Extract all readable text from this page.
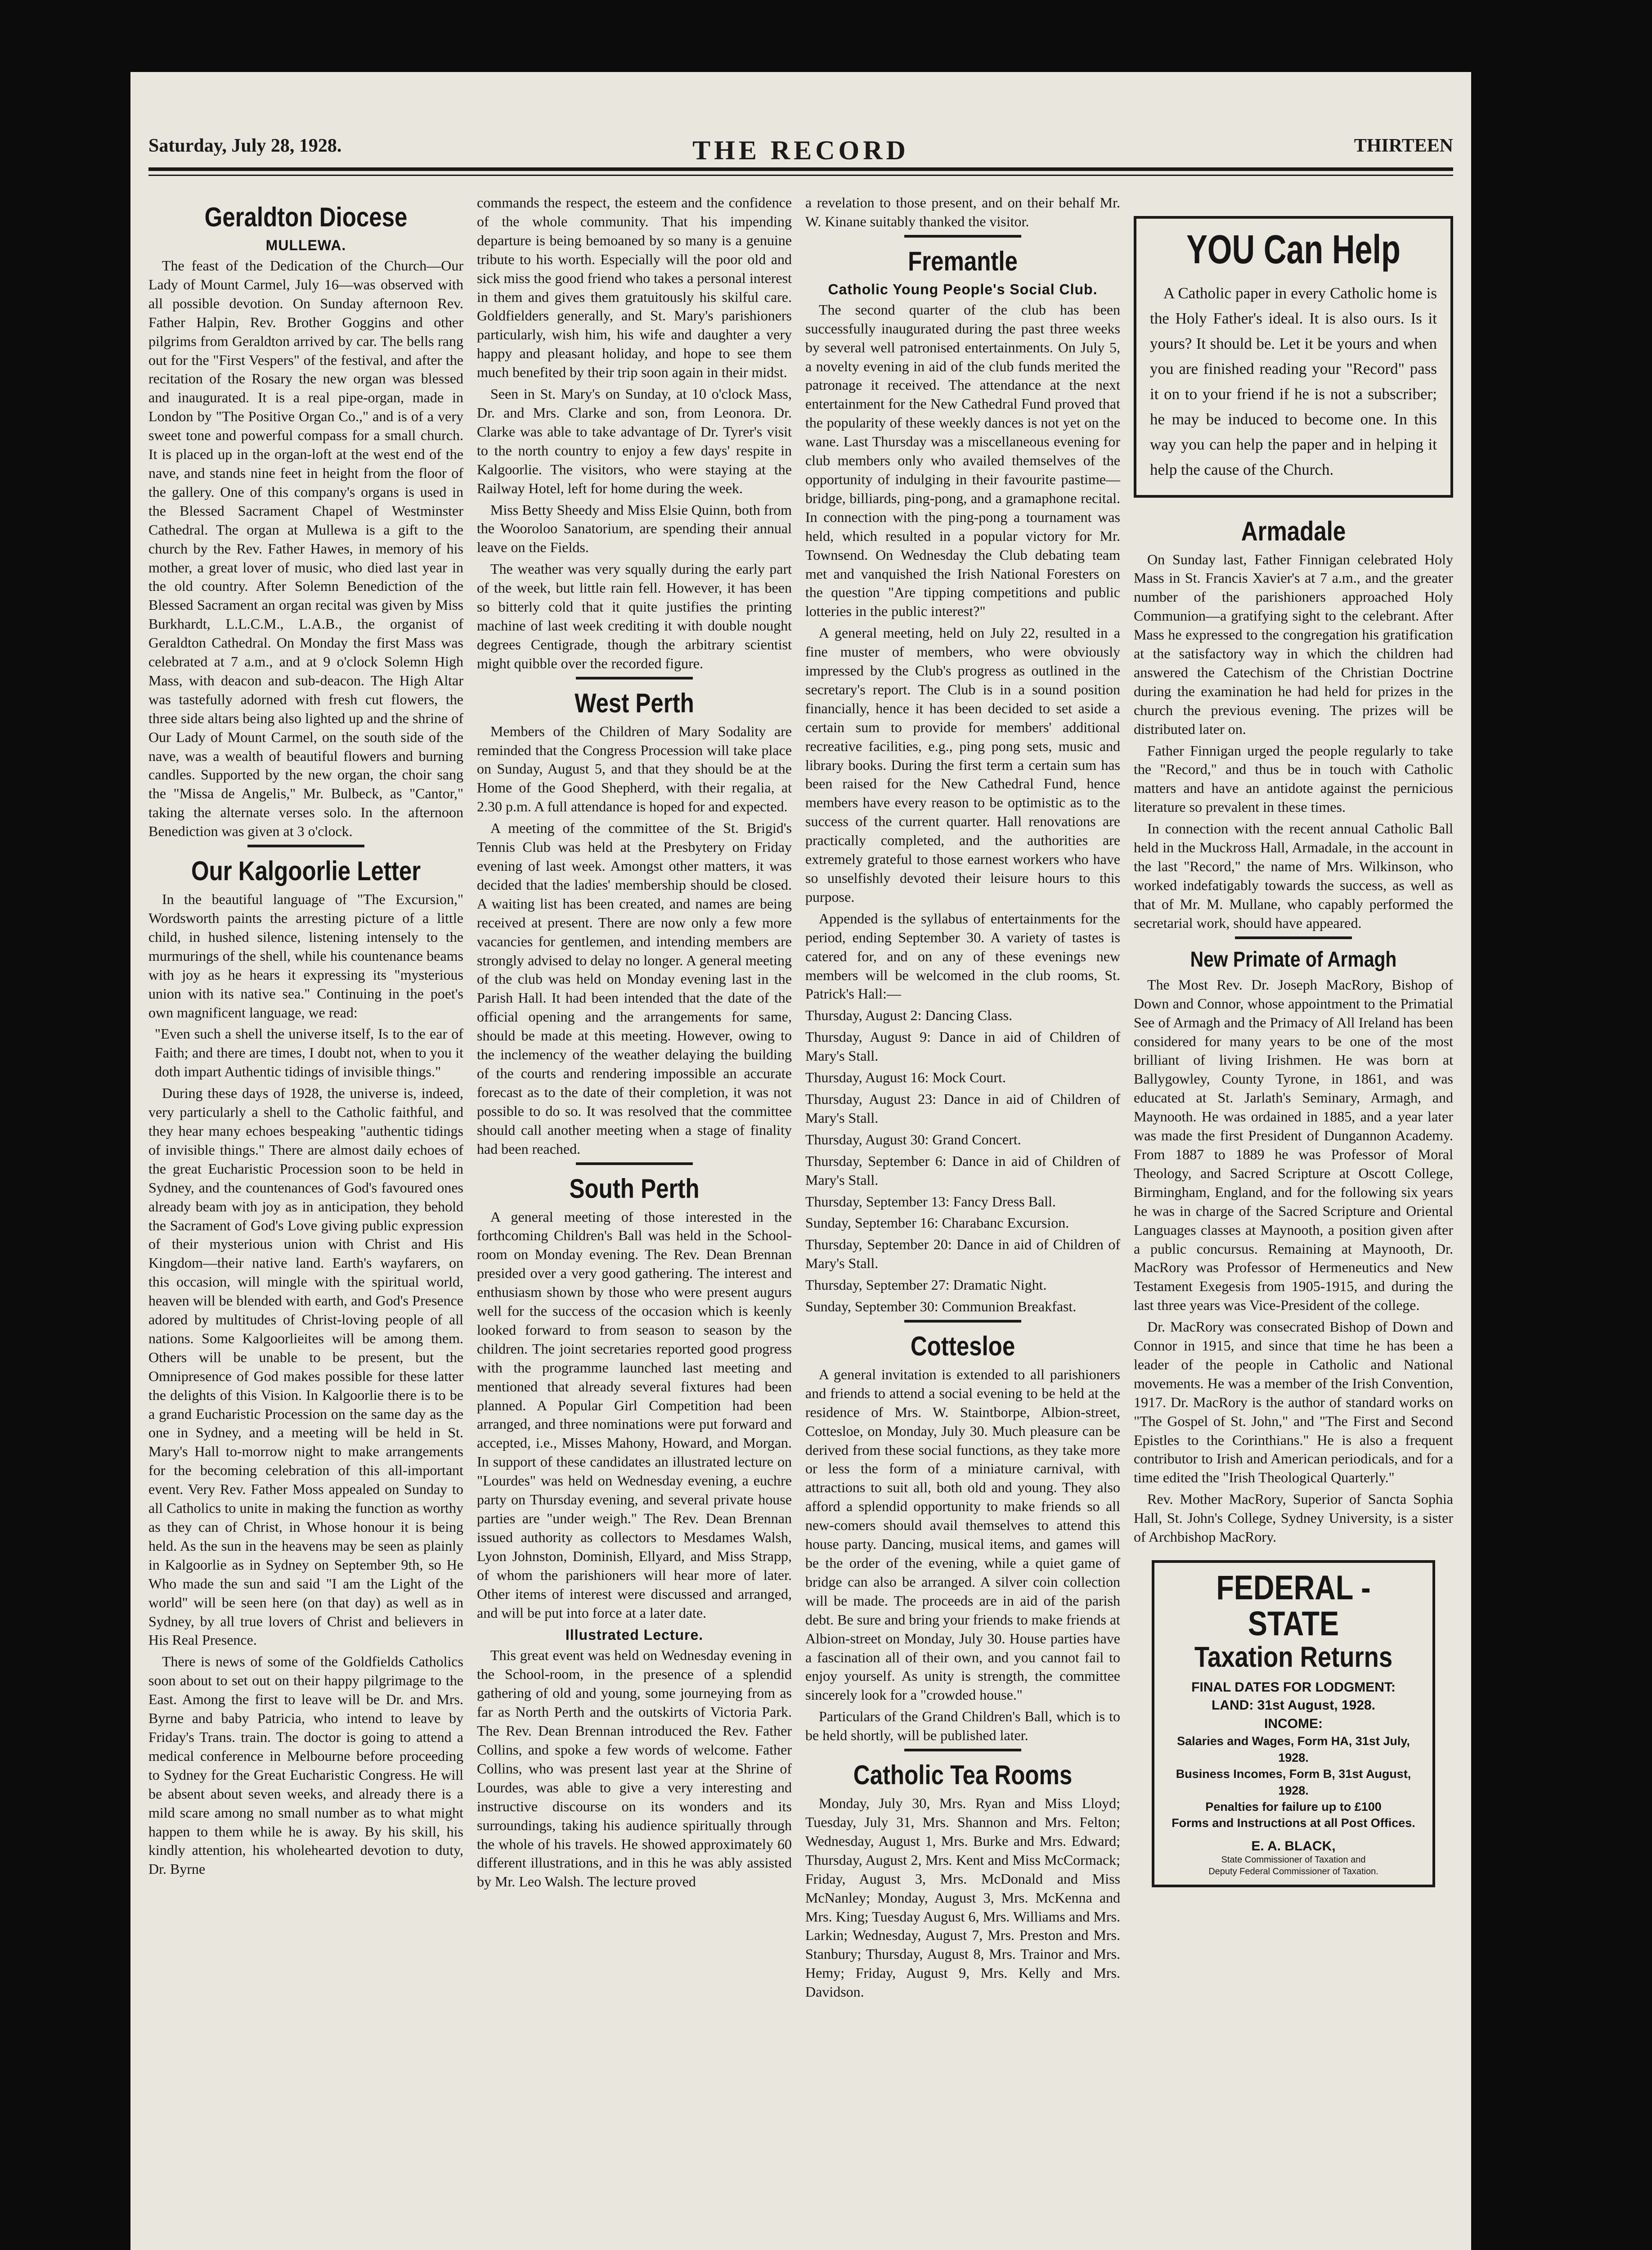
Saturday, July 28, 1928.	THE RECORD	THIRTEEN
Geraldton Diocese
MULLEWA.

The feast of the Dedication of the Church—Our Lady of Mount Carmel, July 16—was observed with all possible devotion. On Sunday afternoon Rev. Father Halpin, Rev. Brother Goggins and other pilgrims from Geraldton arrived by car. The bells rang out for the "First Vespers" of the festival, and after the recitation of the Rosary the new organ was blessed and inaugurated. It is a real pipe-organ, made in London by "The Positive Organ Co.," and is of a very sweet tone and powerful compass for a small church. It is placed up in the organ-loft at the west end of the nave, and stands nine feet in height from the floor of the gallery. One of this company's organs is used in the Blessed Sacrament Chapel of Westminster Cathedral. The organ at Mullewa is a gift to the church by the Rev. Father Hawes, in memory of his mother, a great lover of music, who died last year in the old country. After Solemn Benediction of the Blessed Sacrament an organ recital was given by Miss Burkhardt, L.L.C.M., L.A.B., the organist of Geraldton Cathedral. On Monday the first Mass was celebrated at 7 a.m., and at 9 o'clock Solemn High Mass, with deacon and sub-deacon. The High Altar was tastefully adorned with fresh cut flowers, the three side altars being also lighted up and the shrine of Our Lady of Mount Carmel, on the south side of the nave, was a wealth of beautiful flowers and burning candles. Supported by the new organ, the choir sang the "Missa de Angelis," Mr. Bulbeck, as "Cantor," taking the alternate verses solo. In the afternoon Benediction was given at 3 o'clock.

Our Kalgoorlie Letter

In the beautiful language of "The Excursion," Wordsworth paints the arresting picture of a little child, in hushed silence, listening intensely to the murmurings of the shell, while his countenance beams with joy as he hears it expressing its "mysterious union with its native sea." Continuing in the poet's own magnificent language, we read:

"Even such a shell the universe itself, Is to the ear of Faith; and there are times, I doubt not, when to you it doth impart Authentic tidings of invisible things."

During these days of 1928, the universe is, indeed, very particularly a shell to the Catholic faithful, and they hear many echoes bespeaking "authentic tidings of invisible things." There are almost daily echoes of the great Eucharistic Procession soon to be held in Sydney, and the countenances of God's favoured ones already beam with joy as in anticipation, they behold the Sacrament of God's Love giving public expression of their mysterious union with Christ and His Kingdom—their native land. Earth's wayfarers, on this occasion, will mingle with the spiritual world, heaven will be blended with earth, and God's Presence adored by multitudes of Christ-loving people of all nations. Some Kalgoorlieites will be among them. Others will be unable to be present, but the Omnipresence of God makes possible for these latter the delights of this Vision. In Kalgoorlie there is to be a grand Eucharistic Procession on the same day as the one in Sydney, and a meeting will be held in St. Mary's Hall to-morrow night to make arrangements for the becoming celebration of this all-important event. Very Rev. Father Moss appealed on Sunday to all Catholics to unite in making the function as worthy as they can of Christ, in Whose honour it is being held. As the sun in the heavens may be seen as plainly in Kalgoorlie as in Sydney on September 9th, so He Who made the sun and said "I am the Light of the world" will be seen here (on that day) as well as in Sydney, by all true lovers of Christ and believers in His Real Presence.

There is news of some of the Goldfields Catholics soon about to set out on their happy pilgrimage to the East. Among the first to leave will be Dr. and Mrs. Byrne and baby Patricia, who intend to leave by Friday's Trans. train. The doctor is going to attend a medical conference in Melbourne before proceeding to Sydney for the Great Eucharistic Congress. He will be absent about seven weeks, and already there is a mild scare among no small number as to what might happen to them while he is away. By his skill, his kindly attention, his wholehearted devotion to duty, Dr. Byrne

commands the respect, the esteem and the confidence of the whole community. That his impending departure is being bemoaned by so many is a genuine tribute to his worth. Especially will the poor old and sick miss the good friend who takes a personal interest in them and gives them gratuitously his skilful care. Goldfielders generally, and St. Mary's parishioners particularly, wish him, his wife and daughter a very happy and pleasant holiday, and hope to see them much benefited by their trip soon again in their midst.

Seen in St. Mary's on Sunday, at 10 o'clock Mass, Dr. and Mrs. Clarke and son, from Leonora. Dr. Clarke was able to take advantage of Dr. Tyrer's visit to the north country to enjoy a few days' respite in Kalgoorlie. The visitors, who were staying at the Railway Hotel, left for home during the week.

Miss Betty Sheedy and Miss Elsie Quinn, both from the Wooroloo Sanatorium, are spending their annual leave on the Fields.

The weather was very squally during the early part of the week, but little rain fell. However, it has been so bitterly cold that it quite justifies the printing machine of last week crediting it with double nought degrees Centigrade, though the arbitrary scientist might quibble over the recorded figure.

West Perth

Members of the Children of Mary Sodality are reminded that the Congress Procession will take place on Sunday, August 5, and that they should be at the Home of the Good Shepherd, with their regalia, at 2.30 p.m. A full attendance is hoped for and expected.

A meeting of the committee of the St. Brigid's Tennis Club was held at the Presbytery on Friday evening of last week. Amongst other matters, it was decided that the ladies' membership should be closed. A waiting list has been created, and names are being received at present. There are now only a few more vacancies for gentlemen, and intending members are strongly advised to delay no longer. A general meeting of the club was held on Monday evening last in the Parish Hall. It had been intended that the date of the official opening and the arrangements for same, should be made at this meeting. However, owing to the inclemency of the weather delaying the building of the courts and rendering impossible an accurate forecast as to the date of their completion, it was not possible to do so. It was resolved that the committee should call another meeting when a stage of finality had been reached.

South Perth

A general meeting of those interested in the forthcoming Children's Ball was held in the School-room on Monday evening. The Rev. Dean Brennan presided over a very good gathering. The interest and enthusiasm shown by those who were present augurs well for the success of the occasion which is keenly looked forward to from season to season by the children. The joint secretaries reported good progress with the programme launched last meeting and mentioned that already several fixtures had been planned. A Popular Girl Competition had been arranged, and three nominations were put forward and accepted, i.e., Misses Mahony, Howard, and Morgan. In support of these candidates an illustrated lecture on "Lourdes" was held on Wednesday evening, a euchre party on Thursday evening, and several private house parties are "under weigh." The Rev. Dean Brennan issued authority as collectors to Mesdames Walsh, Lyon Johnston, Dominish, Ellyard, and Miss Strapp, of whom the parishioners will hear more of later. Other items of interest were discussed and arranged, and will be put into force at a later date.

Illustrated Lecture.

This great event was held on Wednesday evening in the School-room, in the presence of a splendid gathering of old and young, some journeying from as far as North Perth and the outskirts of Victoria Park. The Rev. Dean Brennan introduced the Rev. Father Collins, and spoke a few words of welcome. Father Collins, who was present last year at the Shrine of Lourdes, was able to give a very interesting and instructive discourse on its wonders and its surroundings, taking his audience spiritually through the whole of his travels. He showed approximately 60 different illustrations, and in this he was ably assisted by Mr. Leo Walsh. The lecture proved

a revelation to those present, and on their behalf Mr. W. Kinane suitably thanked the visitor.

Fremantle
Catholic Young People's Social Club.

The second quarter of the club has been successfully inaugurated during the past three weeks by several well patronised entertainments. On July 5, a novelty evening in aid of the club funds merited the patronage it received. The attendance at the next entertainment for the New Cathedral Fund proved that the popularity of these weekly dances is not yet on the wane. Last Thursday was a miscellaneous evening for club members only who availed themselves of the opportunity of indulging in their favourite pastime—bridge, billiards, ping-pong, and a gramaphone recital. In connection with the ping-pong a tournament was held, which resulted in a popular victory for Mr. Townsend. On Wednesday the Club debating team met and vanquished the Irish National Foresters on the question "Are tipping competitions and public lotteries in the public interest?"

A general meeting, held on July 22, resulted in a fine muster of members, who were obviously impressed by the Club's progress as outlined in the secretary's report. The Club is in a sound position financially, hence it has been decided to set aside a certain sum to provide for members' additional recreative facilities, e.g., ping pong sets, music and library books. During the first term a certain sum has been raised for the New Cathedral Fund, hence members have every reason to be optimistic as to the success of the current quarter. Hall renovations are practically completed, and the authorities are extremely grateful to those earnest workers who have so unselfishly devoted their leisure hours to this purpose.

Appended is the syllabus of entertainments for the period, ending September 30. A variety of tastes is catered for, and on any of these evenings new members will be welcomed in the club rooms, St. Patrick's Hall:—

Thursday, August 2: Dancing Class.

Thursday, August 9: Dance in aid of Children of Mary's Stall.

Thursday, August 16: Mock Court.

Thursday, August 23: Dance in aid of Children of Mary's Stall.

Thursday, August 30: Grand Concert.

Thursday, September 6: Dance in aid of Children of Mary's Stall.

Thursday, September 13: Fancy Dress Ball.

Sunday, September 16: Charabanc Excursion.

Thursday, September 20: Dance in aid of Children of Mary's Stall.

Thursday, September 27: Dramatic Night.

Sunday, September 30: Communion Breakfast.

Cottesloe

A general invitation is extended to all parishioners and friends to attend a social evening to be held at the residence of Mrs. W. Staintborpe, Albion-street, Cottesloe, on Monday, July 30. Much pleasure can be derived from these social functions, as they take more or less the form of a miniature carnival, with attractions to suit all, both old and young. They also afford a splendid opportunity to make friends so all new-comers should avail themselves to attend this house party. Dancing, musical items, and games will be the order of the evening, while a quiet game of bridge can also be arranged. A silver coin collection will be made. The proceeds are in aid of the parish debt. Be sure and bring your friends to make friends at Albion-street on Monday, July 30. House parties have a fascination all of their own, and you cannot fail to enjoy yourself. As unity is strength, the committee sincerely look for a "crowded house."

Particulars of the Grand Children's Ball, which is to be held shortly, will be published later.

Catholic Tea Rooms

Monday, July 30, Mrs. Ryan and Miss Lloyd; Tuesday, July 31, Mrs. Shannon and Mrs. Felton; Wednesday, August 1, Mrs. Burke and Mrs. Edward; Thursday, August 2, Mrs. Kent and Miss McCormack; Friday, August 3, Mrs. McDonald and Miss McNanley; Monday, August 3, Mrs. McKenna and Mrs. King; Tuesday August 6, Mrs. Williams and Mrs. Larkin; Wednesday, August 7, Mrs. Preston and Mrs. Stanbury; Thursday, August 8, Mrs. Trainor and Mrs. Hemy; Friday, August 9, Mrs. Kelly and Mrs. Davidson.

YOU Can Help

A Catholic paper in every Catholic home is the Holy Father's ideal. It is also ours. Is it yours? It should be. Let it be yours and when you are finished reading your "Record" pass it on to your friend if he is not a subscriber; he may be induced to become one. In this way you can help the paper and in helping it help the cause of the Church.

Armadale

On Sunday last, Father Finnigan celebrated Holy Mass in St. Francis Xavier's at 7 a.m., and the greater number of the parishioners approached Holy Communion—a gratifying sight to the celebrant. After Mass he expressed to the congregation his gratification at the satisfactory way in which the children had answered the Catechism of the Christian Doctrine during the examination he had held for prizes in the church the previous evening. The prizes will be distributed later on.

Father Finnigan urged the people regularly to take the "Record," and thus be in touch with Catholic matters and have an antidote against the pernicious literature so prevalent in these times.

In connection with the recent annual Catholic Ball held in the Muckross Hall, Armadale, in the account in the last "Record," the name of Mrs. Wilkinson, who worked indefatigably towards the success, as well as that of Mr. M. Mullane, who capably performed the secretarial work, should have appeared.

New Primate of Armagh

The Most Rev. Dr. Joseph MacRory, Bishop of Down and Connor, whose appointment to the Primatial See of Armagh and the Primacy of All Ireland has been considered for many years to be one of the most brilliant of living Irishmen. He was born at Ballygowley, County Tyrone, in 1861, and was educated at St. Jarlath's Seminary, Armagh, and Maynooth. He was ordained in 1885, and a year later was made the first President of Dungannon Academy. From 1887 to 1889 he was Professor of Moral Theology, and Sacred Scripture at Oscott College, Birmingham, England, and for the following six years he was in charge of the Sacred Scripture and Oriental Languages classes at Maynooth, a position given after a public concursus. Remaining at Maynooth, Dr. MacRory was Professor of Hermeneutics and New Testament Exegesis from 1905-1915, and during the last three years was Vice-President of the college.

Dr. MacRory was consecrated Bishop of Down and Connor in 1915, and since that time he has been a leader of the people in Catholic and National movements. He was a member of the Irish Convention, 1917. Dr. MacRory is the author of standard works on "The Gospel of St. John," and "The First and Second Epistles to the Corinthians." He is also a frequent contributor to Irish and American periodicals, and for a time edited the "Irish Theological Quarterly."

Rev. Mother MacRory, Superior of Sancta Sophia Hall, St. John's College, Sydney University, is a sister of Archbishop MacRory.

FEDERAL - STATE
Taxation Returns
FINAL DATES FOR LODGMENT:
LAND: 31st August, 1928.
INCOME:
Salaries and Wages, Form HA, 31st July, 1928.
Business Incomes, Form B, 31st August, 1928.
Penalties for failure up to £100
Forms and Instructions at all Post Offices.
E. A. BLACK,
State Commissioner of Taxation and
Deputy Federal Commissioner of Taxation.
